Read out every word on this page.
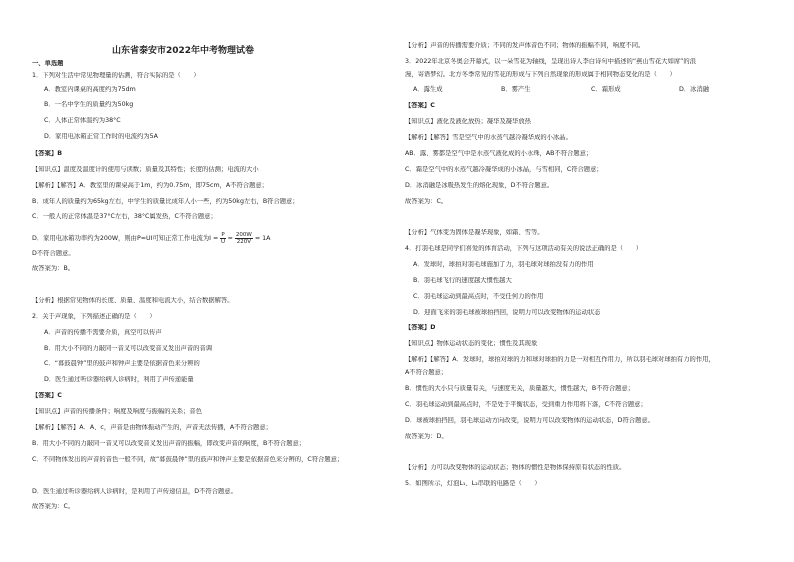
山东省泰安市2022年中考物理试卷
一、单选题
1．下列对生活中常见物理量的估测，符合实际的是（　　）
A．教室内课桌的高度约为75dm
B．一名中学生的质量约为50kg
C．人体正常体温约为38°C
D．家用电冰箱正常工作时的电流约为5A
【答案】B
【知识点】温度及温度计的使用与读数；质量及其特性；长度的估测；电流的大小
【解析】【解答】A．教室里的课桌高于1m，约为0.75m，即75cm，A不符合题意；
B．成年人的质量约为65kg左右，中学生的质量比成年人小一些，约为50kg左右，B符合题意；
C．一般人的正常体温是37°C左右，38°C属发热，C不符合题意；
D．家用电冰箱功率约为200W，则由P=UI可知正常工作电流为$I = \frac{P}{U} = \frac{200W}{220V} \approx 1A$
D不符合题意。
故答案为：B。
【分析】根据常见物体的长度、质量、温度和电流大小，结合数据解答。
2．关于声现象，下列描述正确的是（　　）
A．声音的传播不需要介质，真空可以传声
B．用大小不同的力敲同一音叉可以改变音叉发出声音的音调
C．“暮鼓晨钟”里的鼓声和钟声主要是依据音色来分辨的
D．医生通过听诊器给病人诊病时，利用了声传递能量
【答案】C
【知识点】声音的传播条件；响度及响度与振幅的关系；音色
【解析】【解答】A．A、c，声音是由物体振动产生的，声音无法传播，A不符合题意；
B．用大小不同的力敲同一音叉可以改变音叉发出声音的振幅，即改变声音的响度，B不符合题意；
C．不同物体发出的声音的音色一般不同，故“暮鼓晨钟”里的鼓声和钟声主要是依据音色来分辨的，C符合题意；
D．医生通过听诊器给病人诊病时，是利用了声传递信息，D不符合题意。
故答案为：C。
【分析】声音的传播需要介质；不同的发声体音色不同；物体的振幅不同，响度不同。
3．2022年北京冬奥会开幕式，以一朵雪花为轴线，呈现出诗人李白诗句中描述的“燕山雪花大如席”的浪
漫，寄语梦幻。北方冬季常见的雪花的形成与下列自然现象的形成属于相同物态变化的是（　　）
A．露生成	B．雾产生	C．霜形成	D．冰消融
【答案】C
【知识点】液化及液化放热；凝华及凝华放热
【解析】【解答】雪是空气中的水蒸气越冷凝华成的小冰晶。
AB．露、雾都是空气中是水蒸气液化成的小水珠，AB不符合题意；
C．霜是空气中的水蒸气越冷凝华成的小冰晶，与雪相同，C符合题意；
D．冰消融是冰吸热发生的熔化现象，D不符合题意。
故答案为：C。
【分析】气体变为固体是凝华现象，如霜、雪等。
4．打羽毛球是同学们喜爱的体育活动，下列与这项活动有关的说法正确的是（　　）
A．发球时，球拍对羽毛球施加了力，羽毛球对球拍没有力的作用
B．羽毛球飞行的速度越大惯性越大
C．羽毛球运动到最高点时，不受任何力的作用
D．迎面飞来的羽毛球被球拍挡回，说明力可以改变物体的运动状态
【答案】D
【知识点】物体运动状态的变化；惯性及其现象
【解析】【解答】A．发球时，球拍对球的力和球对球拍的力是一对相互作用力，所以羽毛球对球拍有力的作用，
A不符合题意；
B．惯性的大小只与质量有关，与速度无关，质量越大，惯性越大，B不符合题意；
C．羽毛球运动到最高点时，不是处于平衡状态，受到重力作用将下落，C不符合题意；
D．球被球拍挡回，羽毛球运动方向改变，说明力可以改变物体的运动状态，D符合题意。
故答案为：D。
【分析】力可以改变物体的运动状态；物体的惯性是物体保持原有状态的性质。
5．如图所示，灯泡L₁、L₂串联的电路是（　　）
